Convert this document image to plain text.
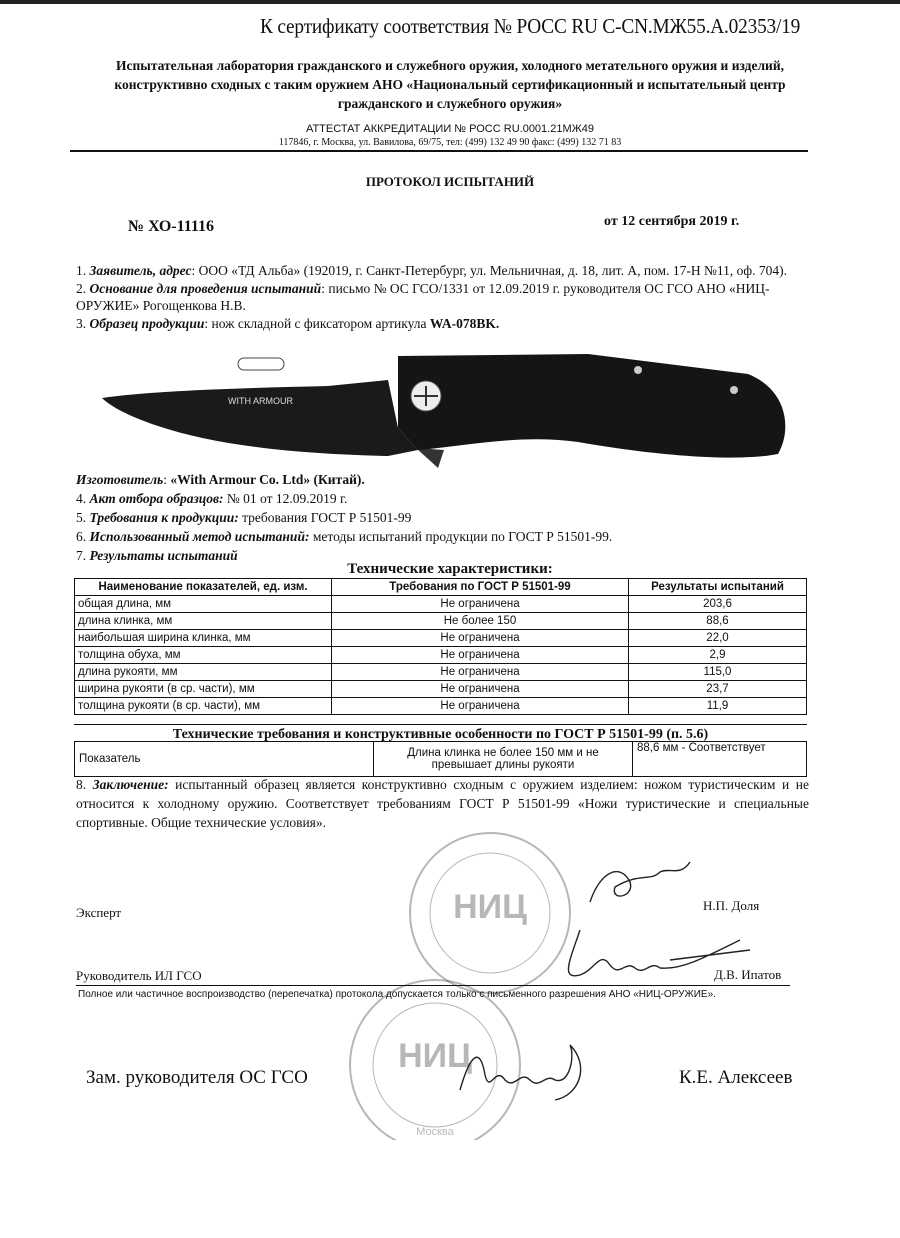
К сертификату соответствия № РОСС RU C-CN.МЖ55.А.02353/19
Испытательная лаборатория гражданского и служебного оружия, холодного метательного оружия и изделий, конструктивно сходных с таким оружием АНО «Национальный сертификационный и испытательный центр гражданского и служебного оружия»
АТТЕСТАТ АККРЕДИТАЦИИ № РОСС RU.0001.21МЖ49
117846, г. Москва, ул. Вавилова, 69/75, тел: (499) 132 49 90 факс: (499) 132 71 83
ПРОТОКОЛ ИСПЫТАНИЙ
№ ХО-11116	от 12 сентября 2019 г.

1. Заявитель, адрес: ООО «ТД Альба» (192019, г. Санкт-Петербург, ул. Мельничная, д. 18, лит. А, пом. 17-Н №11, оф. 704).

2. Основание для проведения испытаний: письмо № ОС ГСО/1331 от 12.09.2019 г. руководителя ОС ГСО АНО «НИЦ-ОРУЖИЕ» Рогощенкова Н.В.

3. Образец продукции: нож складной с фиксатором артикула WA-078BK.

WITH ARMOUR

Изготовитель: «With Armour Co. Ltd» (Китай).

4. Акт отбора образцов: № 01 от 12.09.2019 г.

5. Требования к продукции: требования ГОСТ Р 51501-99

6. Использованный метод испытаний: методы испытаний продукции по ГОСТ Р 51501-99.

7. Результаты испытаний

Технические характеристики:
Наименование показателей, ед. изм.	Требования по ГОСТ Р 51501-99	Результаты испытаний
общая длина, мм	Не ограничена	203,6
длина клинка, мм	Не более 150	88,6
наибольшая ширина клинка, мм	Не ограничена	22,0
толщина обуха, мм	Не ограничена	2,9
длина рукояти, мм	Не ограничена	115,0
ширина рукояти (в ср. части), мм	Не ограничена	23,7
толщина рукояти (в ср. части), мм	Не ограничена	11,9
Технические требования и конструктивные особенности по ГОСТ Р 51501-99 (п. 5.6)
Показатель	Длина клинка не более 150 мм и не превышает длины рукояти	88,6 мм - Соответствует
8. Заключение: испытанный образец является конструктивно сходным с оружием изделием: ножом туристическим и не относится к холодному оружию. Соответствует требованиям ГОСТ Р 51501-99 «Ножи туристические и специальные спортивные. Общие технические условия».
НИЦ
НИЦ
Москва
Эксперт	Н.П. Доля
Руководитель ИЛ ГСО	Д.В. Ипатов
Полное или частичное воспроизводство (перепечатка) протокола допускается только с письменного разрешения АНО «НИЦ-ОРУЖИЕ».
Зам. руководителя ОС ГСО	К.Е. Алексеев
